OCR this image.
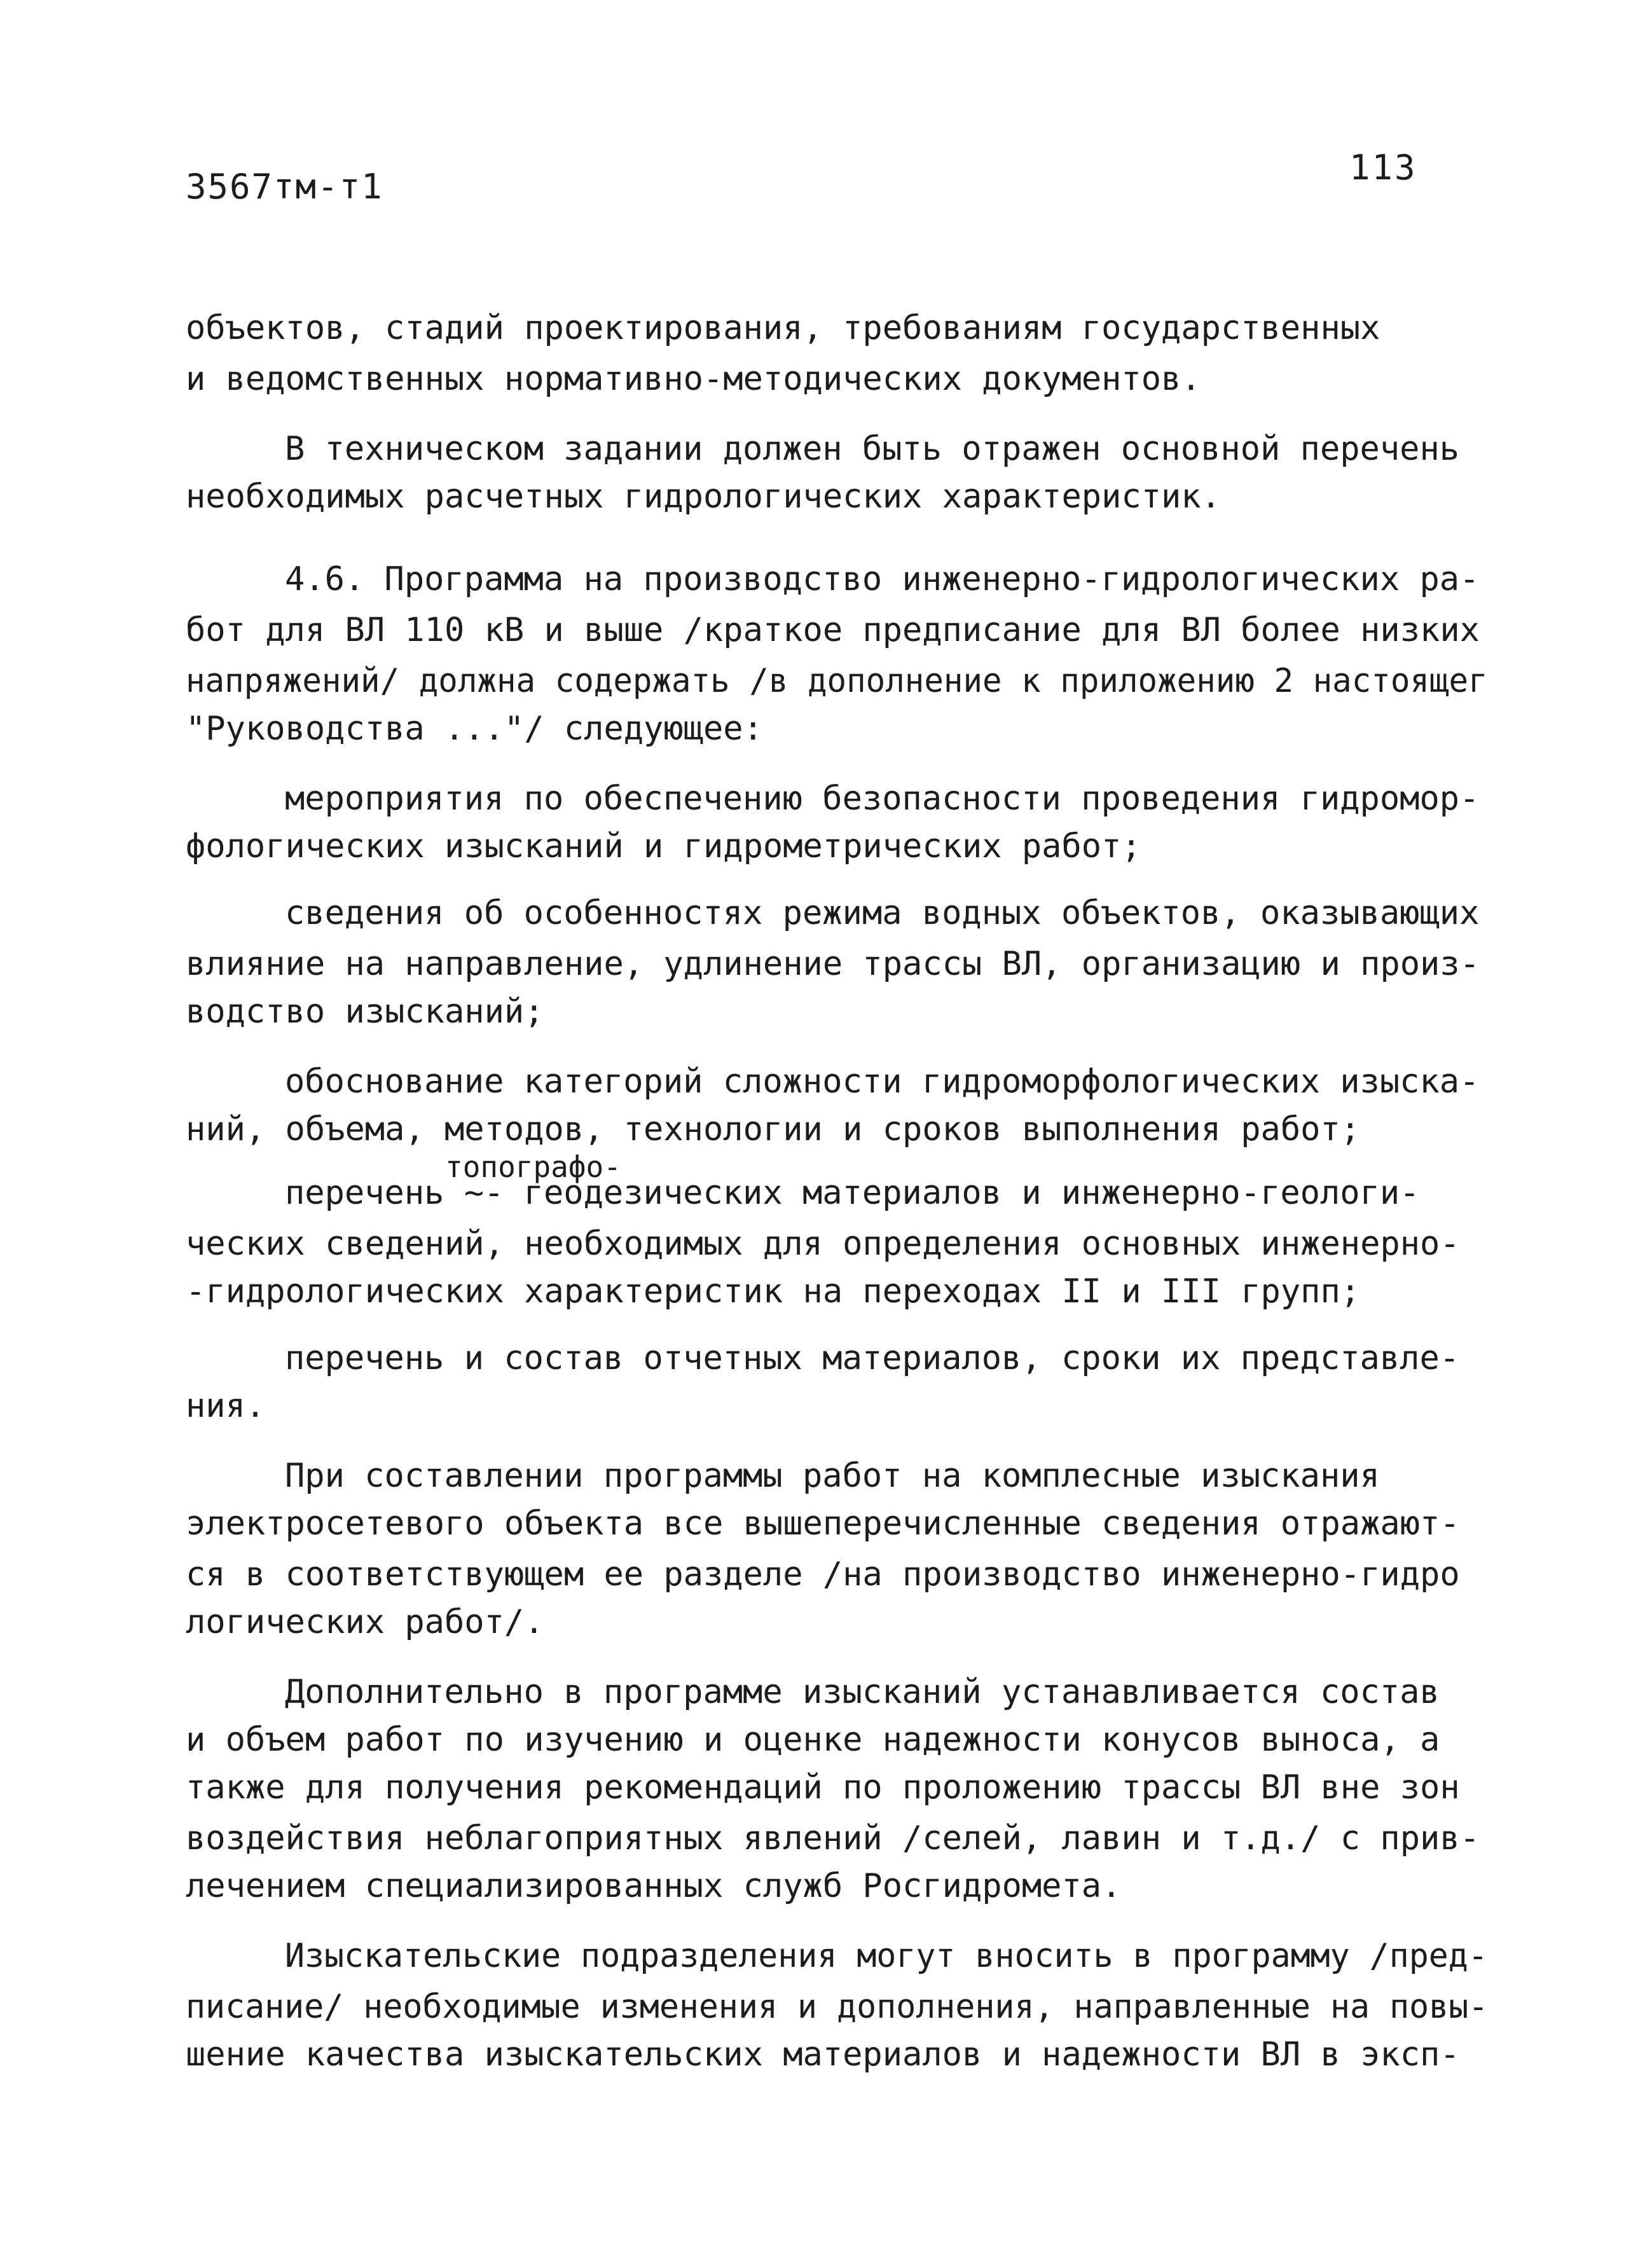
3567тм-т1	113
объектов, стадий проектирования, требованиям государственных
и ведомственных нормативно-методических документов.
В техническом задании должен быть отражен основной перечень
необходимых расчетных гидрологических характеристик.
4.6. Программа на производство инженерно-гидрологических ра-
бот для ВЛ 110 кВ и выше /краткое предписание для ВЛ более низких
напряжений/ должна содержать /в дополнение к приложению 2 настоящег
"Руководства ..."/ следующее:
мероприятия по обеспечению безопасности проведения гидромор-
фологических изысканий и гидрометрических работ;
сведения об особенностях режима водных объектов, оказывающих
влияние на направление, удлинение трассы ВЛ, организацию и произ-
водство изысканий;
обоснование категорий сложности гидроморфологических изыска-
ний, объема, методов, технологии и сроков выполнения работ;
топографо-
перечень ~- геодезических материалов и инженерно-геологи-
ческих сведений, необходимых для определения основных инженерно-
-гидрологических характеристик на переходах II и III групп;
перечень и состав отчетных материалов, сроки их представле-
ния.
При составлении программы работ на комплесные изыскания
электросетевого объекта все вышеперечисленные сведения отражают-
ся в соответствующем ее разделе /на производство инженерно-гидро
логических работ/.
Дополнительно в программе изысканий устанавливается состав
и объем работ по изучению и оценке надежности конусов выноса, а
также для получения рекомендаций по проложению трассы ВЛ вне зон
воздействия неблагоприятных явлений /селей, лавин и т.д./ с прив-
лечением специализированных служб Росгидромета.
Изыскательские подразделения могут вносить в программу /пред-
писание/ необходимые изменения и дополнения, направленные на повы-
шение качества изыскательских материалов и надежности ВЛ в эксп-
